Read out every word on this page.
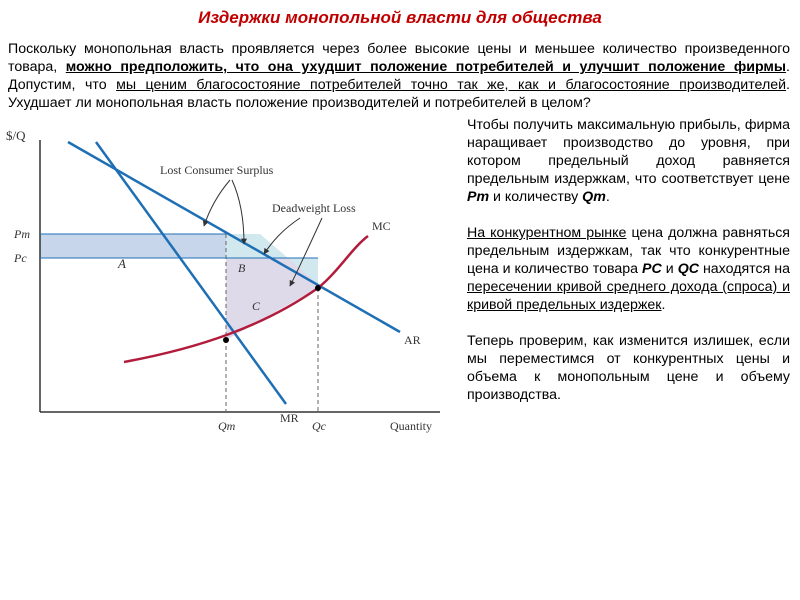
Издержки монопольной власти для общества
Поскольку монопольная власть проявляется через более высокие цены и меньшее количество произведенного товара, можно предположить, что она ухудшит положение потребителей и улучшит положение фирмы. Допустим, что мы ценим благосостояние потребителей точно так же, как и благосостояние производителей. Ухудшает ли монопольная власть положение производителей и потребителей в целом?

Чтобы получить максимальную прибыль, фирма наращивает производство до уровня, при котором предельный доход равняется предельным издержкам, что соответствует цене Pm и количеству Qm.

На конкурентном рынке цена должна равняться предельным издержкам, так что конкурентные цена и количество товара PC и QC находятся на пересечении кривой среднего дохода (спроса) и кривой предельных издержек.

Теперь проверим, как изменится излишек, если мы переместимся от конкурентных цены и объема к монопольным цене и объему производства.

$/Q
Quantity
Pm
Pc
Qm	Qc
Lost Consumer Surplus
Deadweight Loss
MC
AR
MR
A	B
C
